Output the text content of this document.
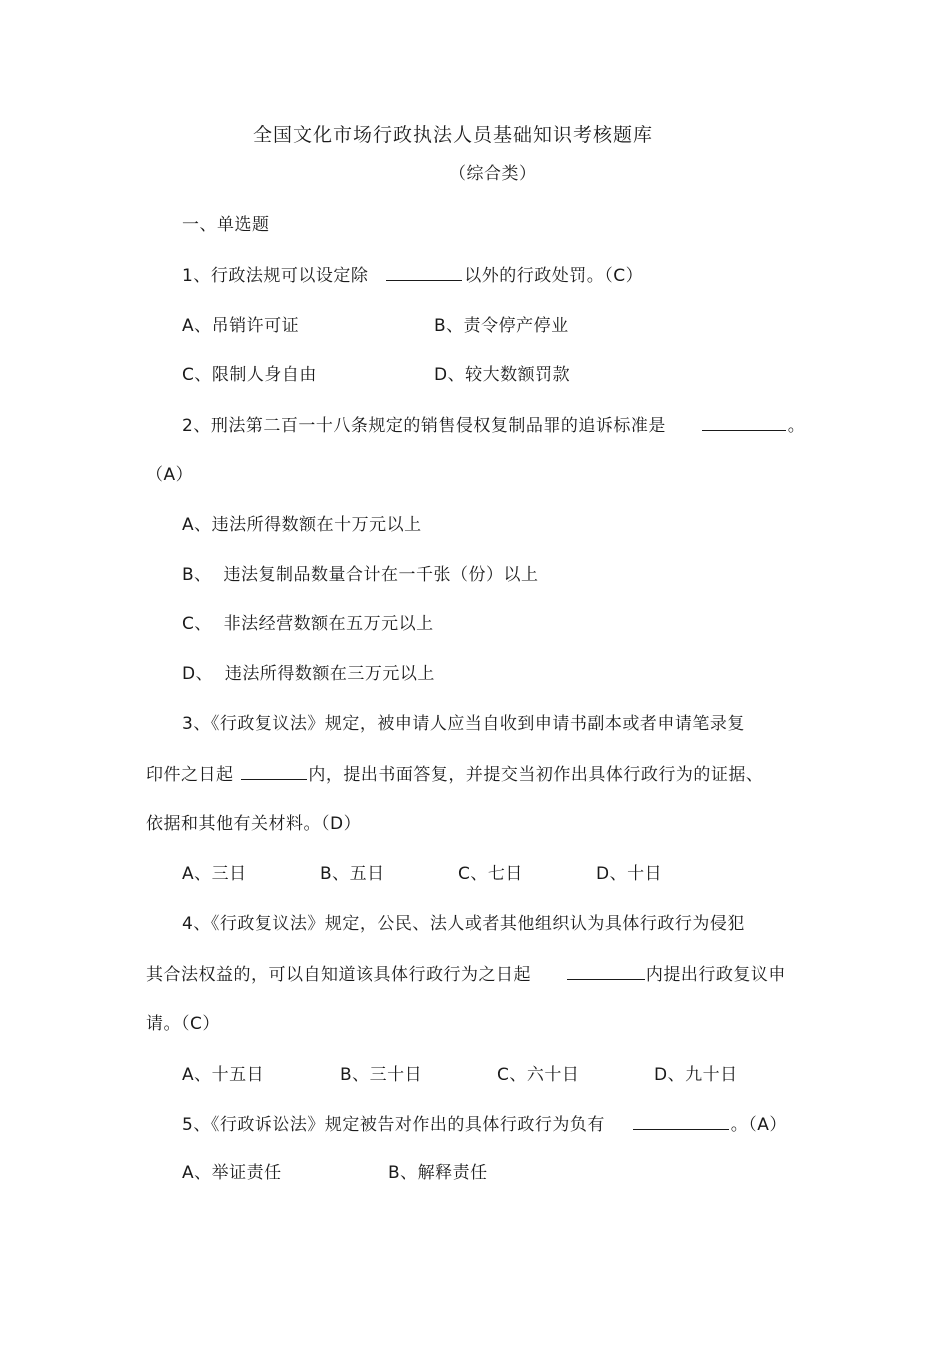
全国文化市场行政执法人员基础知识考核题库
（综合类）
一、单选题
1、行政法规可以设定除	以外的行政处罚。（C）
A、吊销许可证	B、责令停产停业
C、限制人身自由	D、较大数额罚款
2、刑法第二百一十八条规定的销售侵权复制品罪的追诉标准是	。
（A）
A、违法所得数额在十万元以上
B、  违法复制品数量合计在一千张（份）以上
C、  非法经营数额在五万元以上
D、  违法所得数额在三万元以上
3、《行政复议法》规定，被申请人应当自收到申请书副本或者申请笔录复
印件之日起	内，提出书面答复，并提交当初作出具体行政行为的证据、
依据和其他有关材料。（D）
A、三日	B、五日	C、七日	D、十日
4、《行政复议法》规定，公民、法人或者其他组织认为具体行政行为侵犯
其合法权益的，可以自知道该具体行政行为之日起	内提出行政复议申
请。（C）
A、十五日	B、三十日	C、六十日	D、九十日
5、《行政诉讼法》规定被告对作出的具体行政行为负有	。（A）
A、举证责任	B、解释责任
